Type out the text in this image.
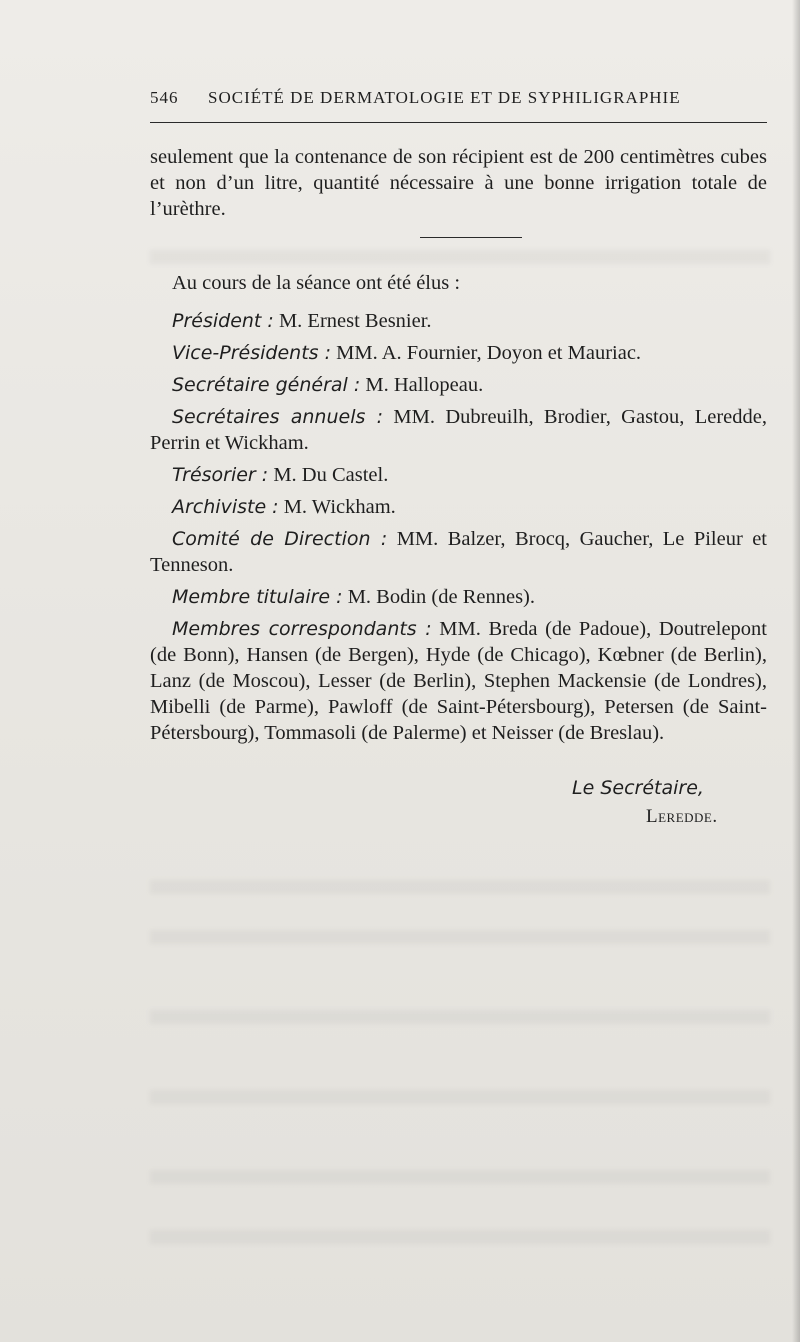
546 SOCIÉTÉ DE DERMATOLOGIE ET DE SYPHILIGRAPHIE

seulement que la contenance de son récipient est de 200 centimètres cubes et non d’un litre, quantité nécessaire à une bonne irrigation totale de l’urèthre.

Au cours de la séance ont été élus :

Président : M. Ernest Besnier.

Vice-Présidents : MM. A. Fournier, Doyon et Mauriac.

Secrétaire général : M. Hallopeau.

Secrétaires annuels : MM. Dubreuilh, Brodier, Gastou, Leredde, Perrin et Wickham.

Trésorier : M. Du Castel.

Archiviste : M. Wickham.

Comité de Direction : MM. Balzer, Brocq, Gaucher, Le Pileur et Tenneson.

Membre titulaire : M. Bodin (de Rennes).

Membres correspondants : MM. Breda (de Padoue), Doutrelepont (de Bonn), Hansen (de Bergen), Hyde (de Chicago), Kœbner (de Berlin), Lanz (de Moscou), Lesser (de Berlin), Stephen Mackensie (de Londres), Mibelli (de Parme), Pawloff (de Saint-Pétersbourg), Petersen (de Saint-Pétersbourg), Tommasoli (de Palerme) et Neisser (de Breslau).

Le Secrétaire,
Leredde.
